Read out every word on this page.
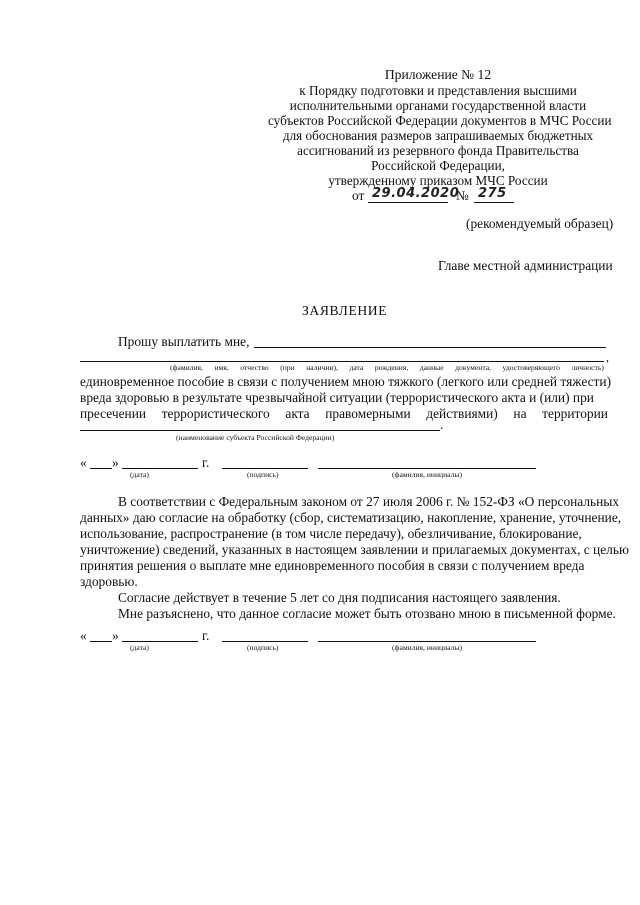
Приложение № 12
к Порядку подготовки и представления высшими
исполнительными органами государственной власти
субъектов Российской Федерации документов в МЧС России
для обоснования размеров запрашиваемых бюджетных
ассигнований из резервного фонда Правительства
Российской Федерации,
утвержденному приказом МЧС России
от 29.04.2020
№ 275
(рекомендуемый образец)
Главе местной администрации
ЗАЯВЛЕНИЕ
Прошу выплатить мне,
,
(фамилия, имя, отчество (при наличии), дата рождения, данные документа, удостоверяющего личность)
единовременное пособие в связи с получением мною тяжкого (легкого или средней тяжести)
вреда здоровью в результате чрезвычайной ситуации (террористического акта и (или) при
пресечении террористического акта правомерными действиями) на территории
.
(наименование субъекта Российской Федерации)
« »	г.
(дата)	(подпись)	(фамилия, инициалы)
В соответствии с Федеральным законом от 27 июля 2006 г. № 152-ФЗ «О персональных
данных» даю согласие на обработку (сбор, систематизацию, накопление, хранение, уточнение,
использование, распространение (в том числе передачу), обезличивание, блокирование,
уничтожение) сведений, указанных в настоящем заявлении и прилагаемых документах, с целью
принятия решения о выплате мне единовременного пособия в связи с получением вреда
здоровью.
Согласие действует в течение 5 лет со дня подписания настоящего заявления.
Мне разъяснено, что данное согласие может быть отозвано мною в письменной форме.
« »	г.
(дата)	(подпись)	(фамилия, инициалы)
